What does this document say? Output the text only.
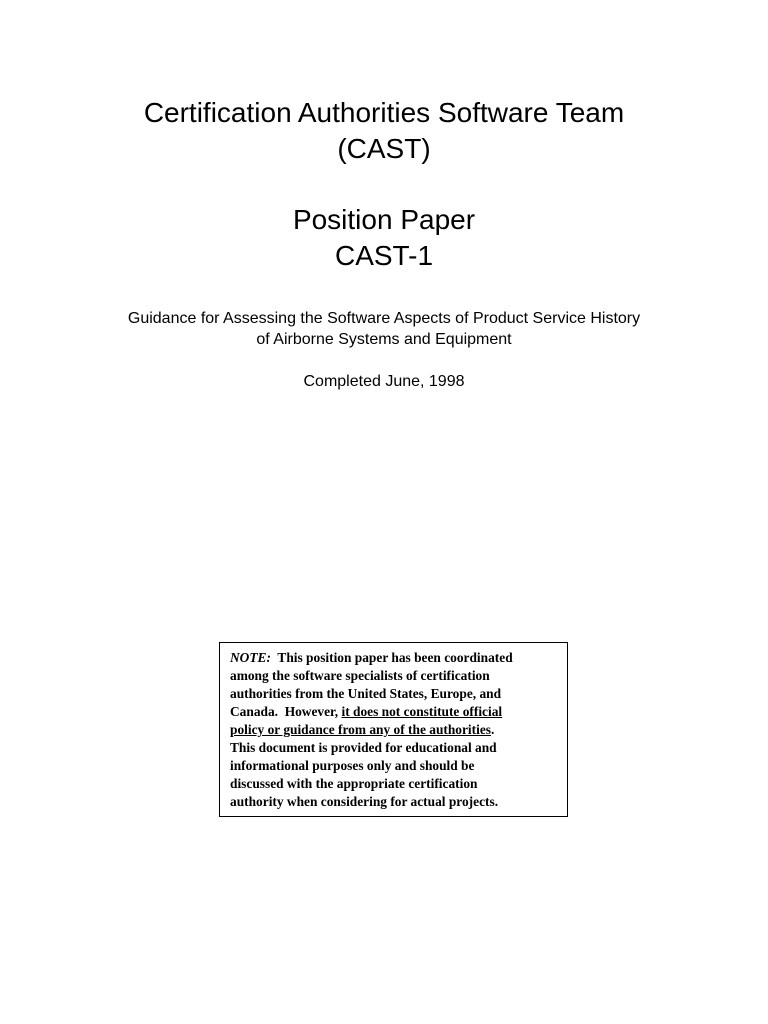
Certification Authorities Software Team

(CAST)

Position Paper

CAST-1

Guidance for Assessing the Software Aspects of Product Service History
of Airborne Systems and Equipment
Completed June, 1998
NOTE: This position paper has been coordinated
among the software specialists of certification
authorities from the United States, Europe, and
Canada.  However, it does not constitute official
policy or guidance from any of the authorities.
This document is provided for educational and
informational purposes only and should be
discussed with the appropriate certification
authority when considering for actual projects.
